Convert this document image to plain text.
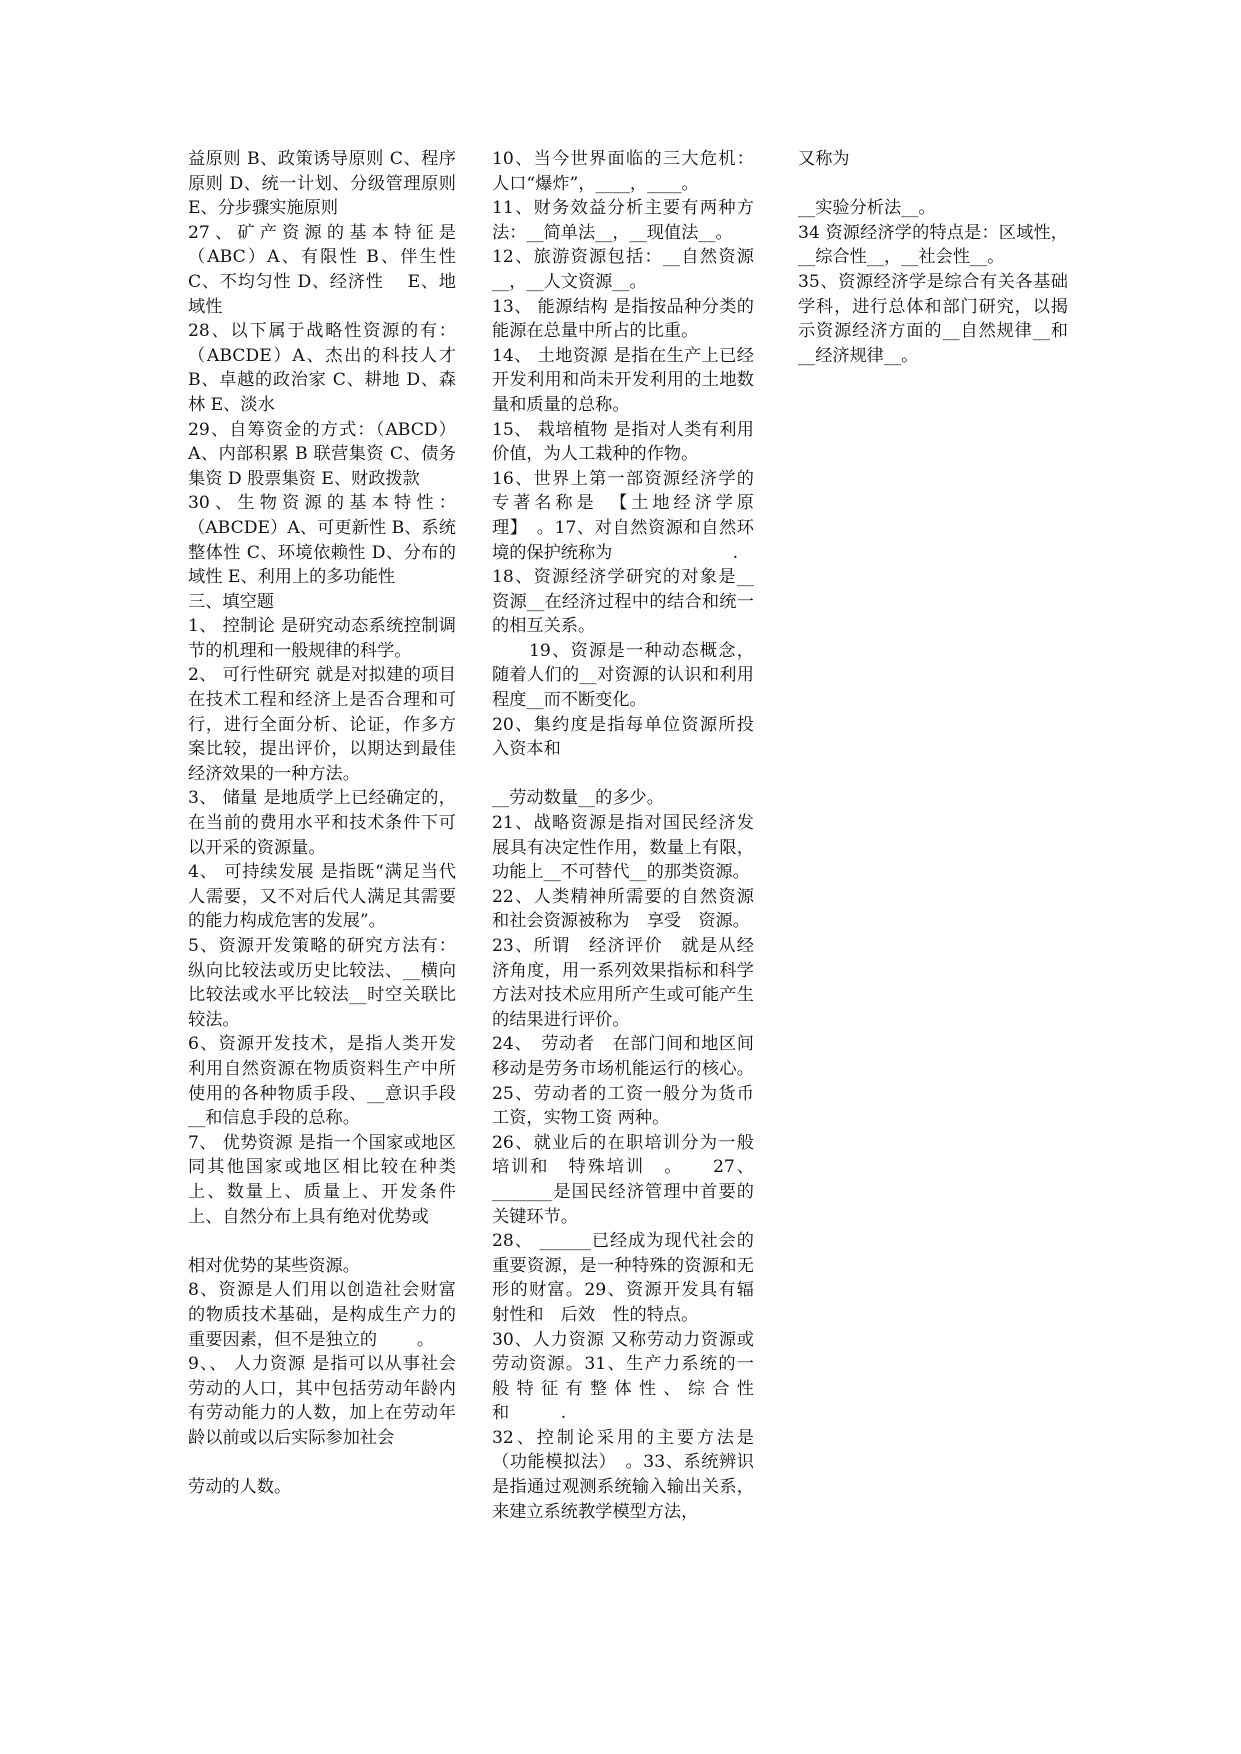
益原则 B、政策诱导原则 C、程序原则 D、统一计划、分级管理原则 E、分步骤实施原则

27、矿产资源的基本特征是（ABC）A、有限性 B、伴生性 C、不均匀性 D、经济性　 E、地域性

28、以下属于战略性资源的有：（ABCDE）A、杰出的科技人才 B、卓越的政治家 C、耕地 D、森林 E、淡水

29、自筹资金的方式：（ABCD）A、内部积累 B 联营集资 C、债务集资 D 股票集资 E、财政拨款

30、生物资源的基本特性：（ABCDE）A、可更新性 B、系统整体性 C、环境依赖性 D、分布的域性 E、利用上的多功能性

三、填空题

1、 控制论 是研究动态系统控制调节的机理和一般规律的科学。

2、 可行性研究 就是对拟建的项目在技术工程和经济上是否合理和可行，进行全面分析、论证，作多方案比较，提出评价，以期达到最佳经济效果的一种方法。

3、 储量 是地质学上已经确定的，在当前的费用水平和技术条件下可以开采的资源量。

4、 可持续发展 是指既“满足当代人需要，又不对后代人满足其需要的能力构成危害的发展”。

5、资源开发策略的研究方法有：纵向比较法或历史比较法、__横向比较法或水平比较法__时空关联比较法。

6、资源开发技术，是指人类开发利用自然资源在物质资料生产中所使用的各种物质手段、__意识手段__和信息手段的总称。

7、 优势资源 是指一个国家或地区同其他国家或地区相比较在种类上、数量上、质量上、开发条件上、自然分布上具有绝对优势或

相对优势的某些资源。

8、资源是人们用以创造社会财富的物质技术基础，是构成生产力的重要因素，但不是独立的　　 。

9、、 人力资源 是指可以从事社会劳动的人口，其中包括劳动年龄内有劳动能力的人数，加上在劳动年龄以前或以后实际参加社会

劳动的人数。

10、当今世界面临的三大危机：人口“爆炸”，____，____。

11、财务效益分析主要有两种方法：__简单法__，__现值法__。

12、旅游资源包括：__自然资源__，__人文资源__。

13、 能源结构 是指按品种分类的能源在总量中所占的比重。

14、 土地资源 是指在生产上已经开发利用和尚未开发利用的土地数量和质量的总称。

15、 栽培植物 是指对人类有利用价值，为人工栽种的作物。

16、世界上第一部资源经济学的专著名称是　【土地经济学原理】　。17、对自然资源和自然环境的保护统称为　　　　　　　.

18、资源经济学研究的对象是__资源__在经济过程中的结合和统一的相互关系。

　　19、资源是一种动态概念，随着人们的__对资源的认识和利用程度__而不断变化。

20、集约度是指每单位资源所投入资本和

__劳动数量__的多少。

21、战略资源是指对国民经济发展具有决定性作用，数量上有限，功能上__不可替代__的那类资源。

22、人类精神所需要的自然资源和社会资源被称为　享受　资源。

23、所谓　经济评价　就是从经济角度，用一系列效果指标和科学方法对技术应用所产生或可能产生的结果进行评价。

24、　劳动者　在部门间和地区间移动是劳务市场机能运行的核心。25、劳动者的工资一般分为货币工资，实物工资 两种。

26、就业后的在职培训分为一般培训和　特殊培训　。　　27、_______是国民经济管理中首要的关键环节。

28、 ______已经成为现代社会的重要资源，是一种特殊的资源和无形的财富。29、资源开发具有辐射性和　后效　性的特点。

30、人力资源 又称劳动力资源或劳动资源。31、生产力系统的一般特征有整体性、综合性和　　　.

32、控制论采用的主要方法是（功能模拟法）　。33、系统辨识是指通过观测系统输入输出关系，来建立系统教学模型方法，

又称为

__实验分析法__。

34 资源经济学的特点是：区域性，__综合性__，__社会性__。

35、资源经济学是综合有关各基础学科，进行总体和部门研究，以揭示资源经济方面的__自然规律__和__经济规律__。
